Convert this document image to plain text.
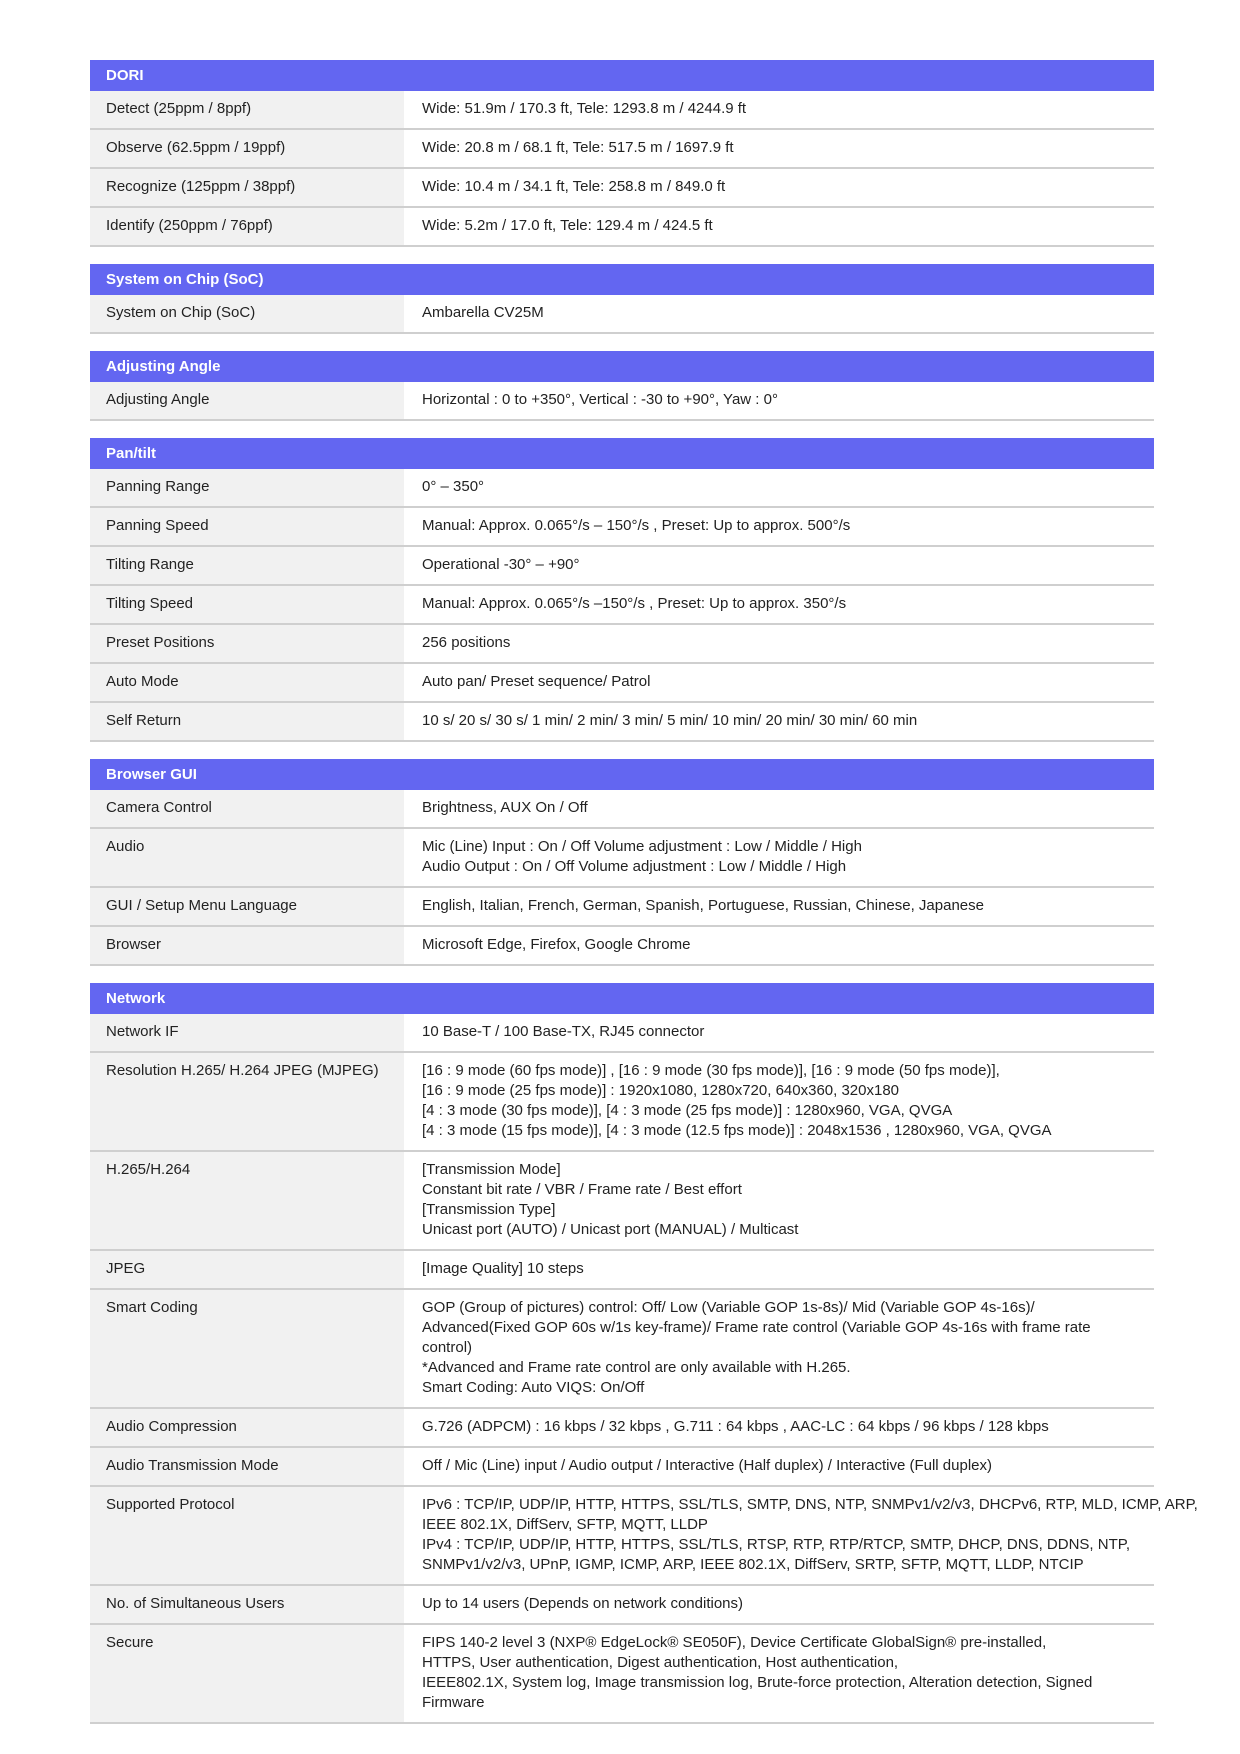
DORI
Detect (25ppm / 8ppf)	Wide: 51.9m / 170.3 ft, Tele: 1293.8 m / 4244.9 ft
Observe (62.5ppm / 19ppf)	Wide: 20.8 m / 68.1 ft, Tele: 517.5 m / 1697.9 ft
Recognize (125ppm / 38ppf)	Wide: 10.4 m / 34.1 ft, Tele: 258.8 m / 849.0 ft
Identify (250ppm / 76ppf)	Wide: 5.2m / 17.0 ft, Tele: 129.4 m / 424.5 ft
System on Chip (SoC)
System on Chip (SoC)	Ambarella CV25M
Adjusting Angle
Adjusting Angle	Horizontal : 0 to +350°, Vertical : -30 to +90°, Yaw : 0°
Pan/tilt
Panning Range	0° – 350°
Panning Speed	Manual: Approx. 0.065°/s – 150°/s , Preset: Up to approx. 500°/s
Tilting Range	Operational -30° – +90°
Tilting Speed	Manual: Approx. 0.065°/s –150°/s , Preset: Up to approx. 350°/s
Preset Positions	256 positions
Auto Mode	Auto pan/ Preset sequence/ Patrol
Self Return	10 s/ 20 s/ 30 s/ 1 min/ 2 min/ 3 min/ 5 min/ 10 min/ 20 min/ 30 min/ 60 min
Browser GUI
Camera Control	Brightness, AUX On / Off
Audio	Mic (Line) Input : On / Off Volume adjustment : Low / Middle / High
Audio Output : On / Off Volume adjustment : Low / Middle / High
GUI / Setup Menu Language	English, Italian, French, German, Spanish, Portuguese, Russian, Chinese, Japanese
Browser	Microsoft Edge, Firefox, Google Chrome
Network
Network IF	10 Base-T / 100 Base-TX, RJ45 connector
Resolution H.265/ H.264 JPEG (MJPEG)	[16 : 9 mode (60 fps mode)] , [16 : 9 mode (30 fps mode)], [16 : 9 mode (50 fps mode)],
[16 : 9 mode (25 fps mode)] : 1920x1080, 1280x720, 640x360, 320x180
[4 : 3 mode (30 fps mode)], [4 : 3 mode (25 fps mode)] : 1280x960, VGA, QVGA
[4 : 3 mode (15 fps mode)], [4 : 3 mode (12.5 fps mode)] : 2048x1536 , 1280x960, VGA, QVGA
H.265/H.264	[Transmission Mode]
Constant bit rate / VBR / Frame rate / Best effort
[Transmission Type]
Unicast port (AUTO) / Unicast port (MANUAL) / Multicast
JPEG	[Image Quality] 10 steps
Smart Coding	GOP (Group of pictures) control: Off/ Low (Variable GOP 1s-8s)/ Mid (Variable GOP 4s-16s)/
Advanced(Fixed GOP 60s w/1s key-frame)/ Frame rate control (Variable GOP 4s-16s with frame rate
control)
*Advanced and Frame rate control are only available with H.265.
Smart Coding: Auto VIQS: On/Off
Audio Compression	G.726 (ADPCM) : 16 kbps / 32 kbps , G.711 : 64 kbps , AAC-LC : 64 kbps / 96 kbps / 128 kbps
Audio Transmission Mode	Off / Mic (Line) input / Audio output / Interactive (Half duplex) / Interactive (Full duplex)
Supported Protocol	IPv6 : TCP/IP, UDP/IP, HTTP, HTTPS, SSL/TLS, SMTP, DNS, NTP, SNMPv1/v2/v3, DHCPv6, RTP, MLD, ICMP, ARP,
IEEE 802.1X, DiffServ, SFTP, MQTT, LLDP
IPv4 : TCP/IP, UDP/IP, HTTP, HTTPS, SSL/TLS, RTSP, RTP, RTP/RTCP, SMTP, DHCP, DNS, DDNS, NTP,
SNMPv1/v2/v3, UPnP, IGMP, ICMP, ARP, IEEE 802.1X, DiffServ, SRTP, SFTP, MQTT, LLDP, NTCIP
No. of Simultaneous Users	Up to 14 users (Depends on network conditions)
Secure	FIPS 140-2 level 3 (NXP® EdgeLock® SE050F), Device Certificate GlobalSign® pre-installed,
HTTPS, User authentication, Digest authentication, Host authentication,
IEEE802.1X, System log, Image transmission log, Brute-force protection, Alteration detection, Signed
Firmware
